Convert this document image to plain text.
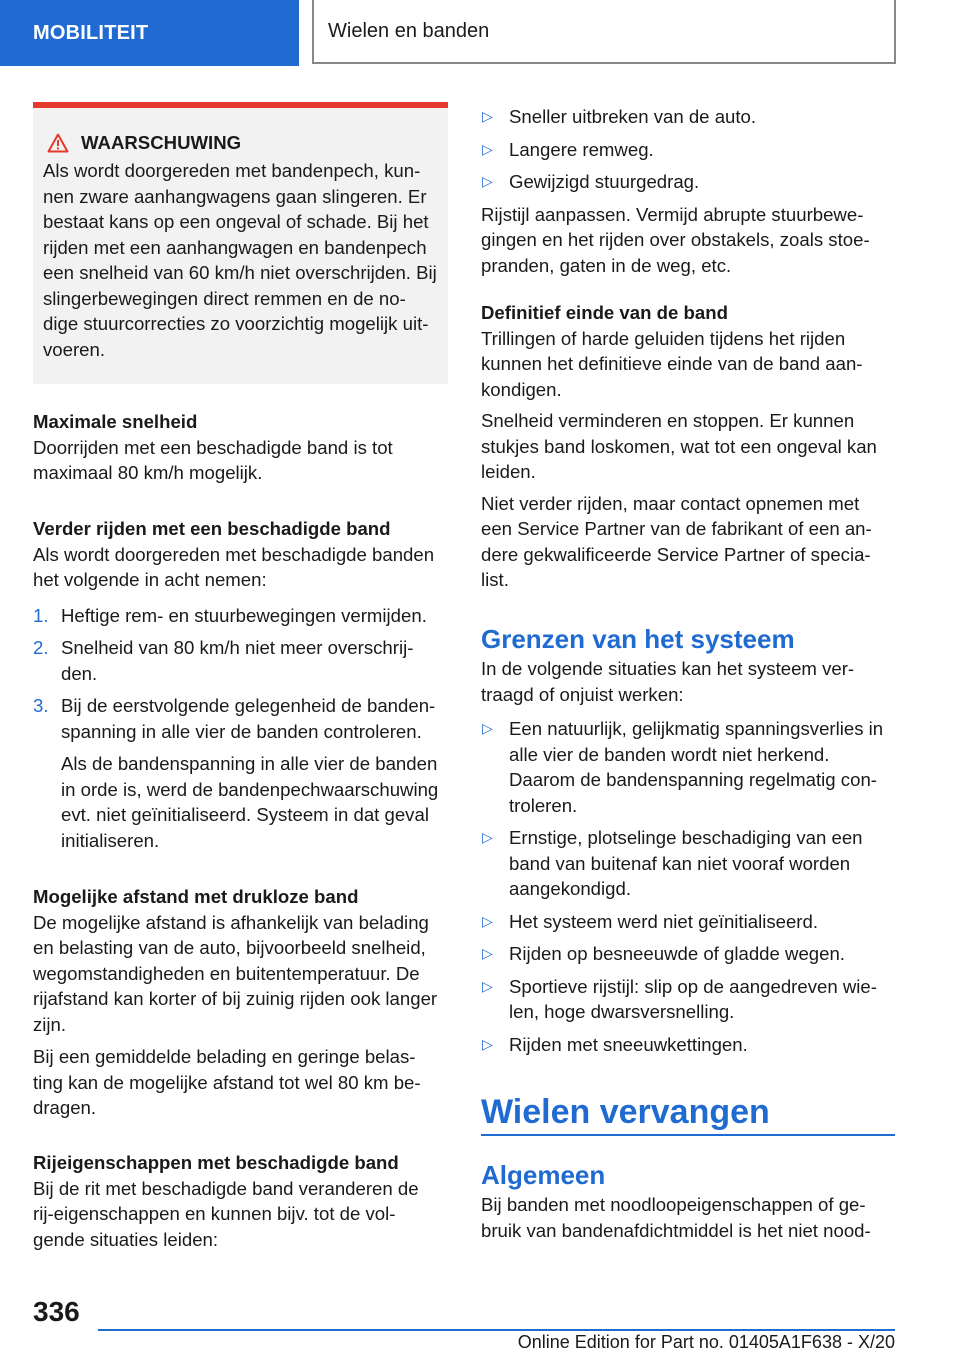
MOBILITEIT	Wielen en banden
WAARSCHUWING

Als wordt doorgereden met bandenpech, kun-

nen zware aanhangwagens gaan slingeren. Er

bestaat kans op een ongeval of schade. Bij het

rijden met een aanhangwagen en bandenpech

een snelheid van 60 km/h niet overschrijden. Bij

slingerbewegingen direct remmen en de no-

dige stuurcorrecties zo voorzichtig mogelijk uit-

voeren.

Maximale snelheid

Doorrijden met een beschadigde band is tot

maximaal 80 km/h mogelijk.

Verder rijden met een beschadigde band

Als wordt doorgereden met beschadigde banden

het volgende in acht nemen:

1. Heftige rem- en stuurbewegingen vermijden.
2. Snelheid van 80 km/h niet meer overschrij-
den.
3. Bij de eerstvolgende gelegenheid de banden-
spanning in alle vier de banden controleren.
Als de bandenspanning in alle vier de banden
in orde is, werd de bandenpechwaarschuwing
evt. niet geïnitialiseerd. Systeem in dat geval
initialiseren.

Mogelijke afstand met drukloze band

De mogelijke afstand is afhankelijk van belading

en belasting van de auto, bijvoorbeeld snelheid,

wegomstandigheden en buitentemperatuur. De

rijafstand kan korter of bij zuinig rijden ook langer

zijn.

Bij een gemiddelde belading en geringe belas-

ting kan de mogelijke afstand tot wel 80 km be-

dragen.

Rijeigenschappen met beschadigde band

Bij de rit met beschadigde band veranderen de

rij-eigenschappen en kunnen bijv. tot de vol-

gende situaties leiden:

▷ Sneller uitbreken van de auto.
▷ Langere remweg.
▷ Gewijzigd stuurgedrag.

Rijstijl aanpassen. Vermijd abrupte stuurbewe-

gingen en het rijden over obstakels, zoals stoe-

pranden, gaten in de weg, etc.

Definitief einde van de band

Trillingen of harde geluiden tijdens het rijden

kunnen het definitieve einde van de band aan-

kondigen.

Snelheid verminderen en stoppen. Er kunnen

stukjes band loskomen, wat tot een ongeval kan

leiden.

Niet verder rijden, maar contact opnemen met

een Service Partner van de fabrikant of een an-

dere gekwalificeerde Service Partner of specia-

list.

Grenzen van het systeem

In de volgende situaties kan het systeem ver-

traagd of onjuist werken:

▷ Een natuurlijk, gelijkmatig spanningsverlies in
alle vier de banden wordt niet herkend.
Daarom de bandenspanning regelmatig con-
troleren.
▷ Ernstige, plotselinge beschadiging van een
band van buitenaf kan niet vooraf worden
aangekondigd.
▷ Het systeem werd niet geïnitialiseerd.
▷ Rijden op besneeuwde of gladde wegen.
▷ Sportieve rijstijl: slip op de aangedreven wie-
len, hoge dwarsversnelling.
▷ Rijden met sneeuwkettingen.

Wielen vervangen

Algemeen

Bij banden met noodloopeigenschappen of ge-

bruik van bandenafdichtmiddel is het niet nood-

336
Online Edition for Part no. 01405A1F638 - X/20
